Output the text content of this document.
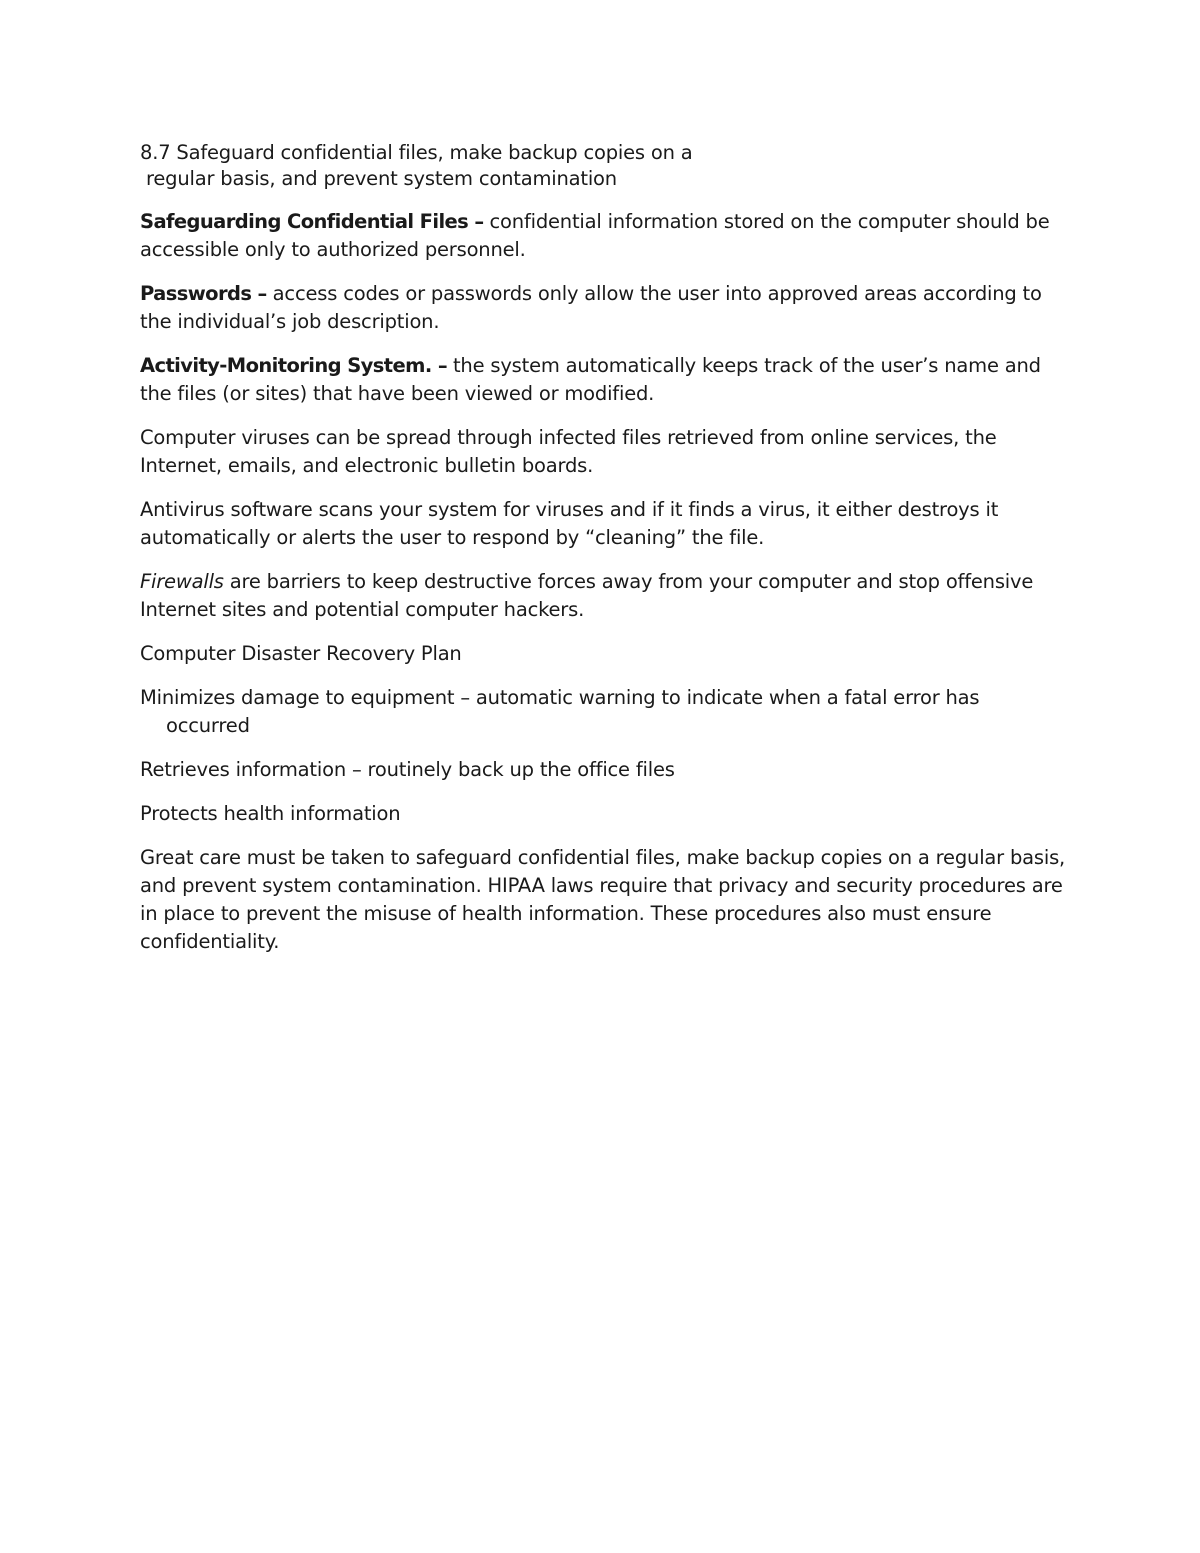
8.7 Safeguard confidential files, make backup copies on a

regular basis, and prevent system contamination

Safeguarding Confidential Files – confidential information stored on the computer should be accessible only to authorized personnel.

Passwords – access codes or passwords only allow the user into approved areas according to the individual’s job description.

Activity-Monitoring System. – the system automatically keeps track of the user’s name and the files (or sites) that have been viewed or modified.

Computer viruses can be spread through infected files retrieved from online services, the Internet, emails, and electronic bulletin boards.

Antivirus software scans your system for viruses and if it finds a virus, it either destroys it automatically or alerts the user to respond by “cleaning” the file.

Firewalls are barriers to keep destructive forces away from your computer and stop offensive Internet sites and potential computer hackers.

Computer Disaster Recovery Plan

Minimizes damage to equipment – automatic warning to indicate when a fatal error has
occurred

Retrieves information – routinely back up the office files

Protects health information

Great care must be taken to safeguard confidential files, make backup copies on a regular basis, and prevent system contamination. HIPAA laws require that privacy and security procedures are in place to prevent the misuse of health information. These procedures also must ensure confidentiality.
